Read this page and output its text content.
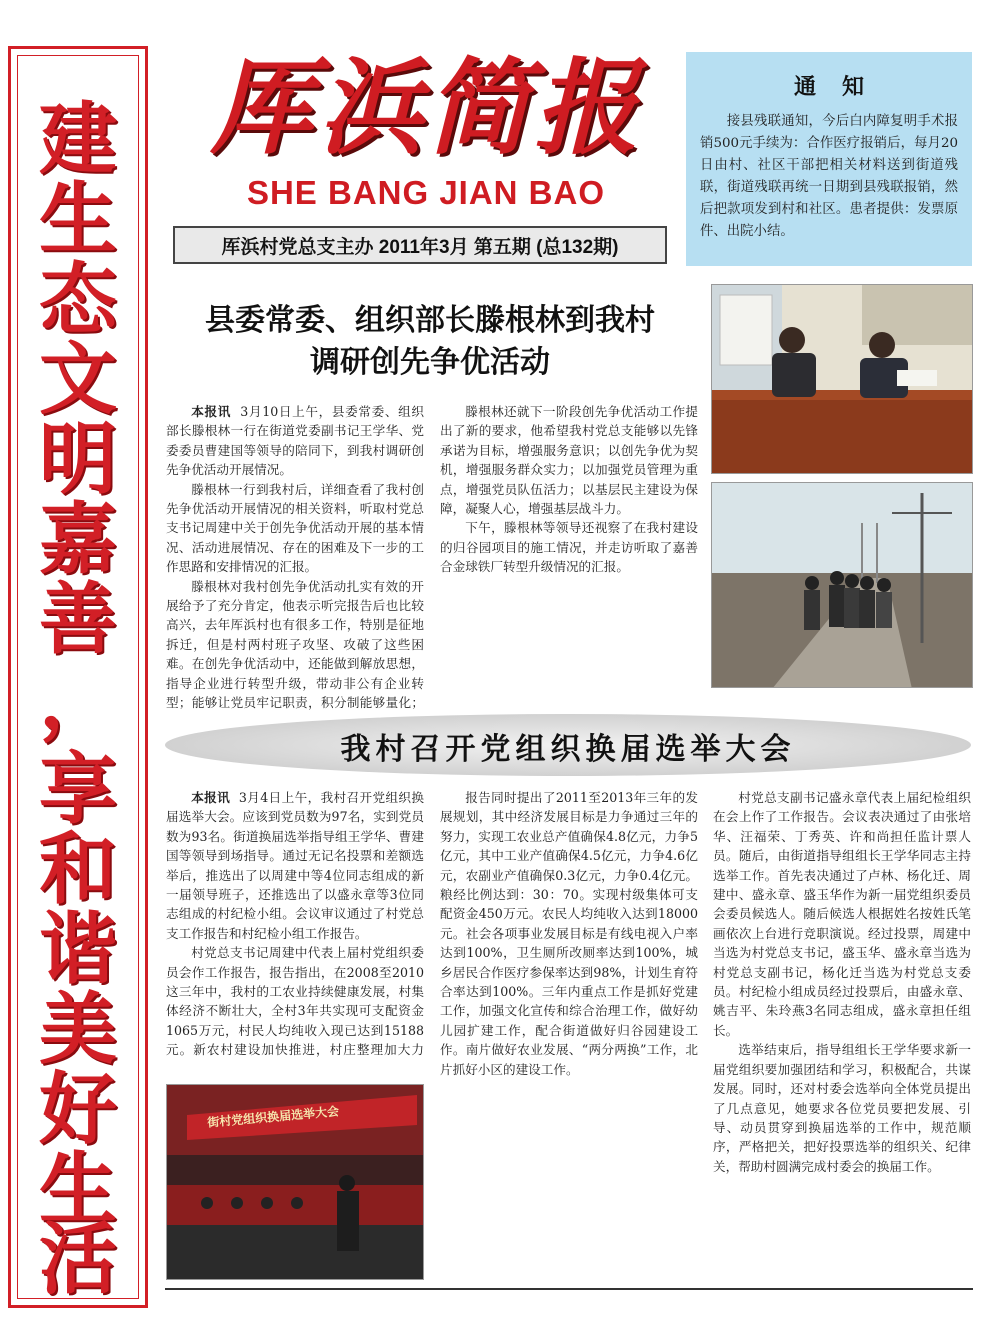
建
生
态
文
明
嘉
善
，
享
和
谐
美
好
生
活
厍浜简报
SHE BANG JIAN BAO
厍浜村党总支主办 2011年3月 第五期 (总132期)
通知
接县残联通知，今后白内障复明手术报销500元手续为：合作医疗报销后，每月20日由村、社区干部把相关材料送到街道残联，街道残联再统一日期到县残联报销，然后把款项发到村和社区。患者提供：发票原件、出院小结。
县委常委、组织部长滕根林到我村
调研创先争优活动

本报讯 3月10日上午，县委常委、组织部长滕根林一行在街道党委副书记王学华、党委委员曹建国等领导的陪同下，到我村调研创先争优活动开展情况。

滕根林一行到我村后，详细查看了我村创先争优活动开展情况的相关资料，听取村党总支书记周建中关于创先争优活动开展的基本情况、活动进展情况、存在的困难及下一步的工作思路和安排情况的汇报。

滕根林对我村创先争优活动扎实有效的开展给予了充分肯定，他表示听完报告后也比较高兴，去年厍浜村也有很多工作，特别是征地拆迁，但是村两村班子攻坚、攻破了这些困难。在创先争优活动中，还能做到解放思想，指导企业进行转型升级，带动非公有企业转型；能够让党员牢记职责，积分制能够量化；

滕根林还就下一阶段创先争优活动工作提出了新的要求，他希望我村党总支能够以先锋承诺为目标，增强服务意识；以创先争优为契机，增强服务群众实力；以加强党员管理为重点，增强党员队伍活力；以基层民主建设为保障，凝聚人心，增强基层战斗力。

下午，滕根林等领导还视察了在我村建设的归谷园项目的施工情况，并走访听取了嘉善合金球铁厂转型升级情况的汇报。

我村召开党组织换届选举大会

本报讯 3月4日上午，我村召开党组织换届选举大会。应该到党员数为97名，实到党员数为93名。街道换届选举指导组王学华、曹建国等领导到场指导。通过无记名投票和差额选举后，推选出了以周建中等4位同志组成的新一届领导班子，还推选出了以盛永章等3位同志组成的村纪检小组。会议审议通过了村党总支工作报告和村纪检小组工作报告。

村党总支书记周建中代表上届村党组织委员会作工作报告，报告指出，在2008至2010这三年中，我村的工农业持续健康发展，村集体经济不断壮大，全村3年共实现可支配资金1065万元，村民人均纯收入现已达到15188元。新农村建设加快推进，村庄整理加大力

街村党组织换届选举大会

报告同时提出了2011至2013年三年的发展规划，其中经济发展目标是力争通过三年的努力，实现工农业总产值确保4.8亿元，力争5亿元，其中工业产值确保4.5亿元，力争4.6亿元，农副业产值确保0.3亿元，力争0.4亿元。粮经比例达到：30：70。实现村级集体可支配资金450万元。农民人均纯收入达到18000元。社会各项事业发展目标是有线电视入户率达到100%，卫生厕所改厕率达到100%，城乡居民合作医疗参保率达到98%，计划生育符合率达到100%。三年内重点工作是抓好党建工作，加强文化宣传和综合治理工作，做好幼儿园扩建工作，配合街道做好归谷园建设工作。南片做好农业发展、“两分两换”工作，北片抓好小区的建设工作。

村党总支副书记盛永章代表上届纪检组织在会上作了工作报告。会议表决通过了由张培华、汪福荣、丁秀英、许和尚担任监计票人员。随后，由街道指导组组长王学华同志主持选举工作。首先表决通过了卢林、杨化迁、周建中、盛永章、盛玉华作为新一届党组织委员会委员候选人。随后候选人根据姓名按姓氏笔画依次上台进行竞职演说。经过投票，周建中当选为村党总支书记，盛玉华、盛永章当选为村党总支副书记，杨化迁当选为村党总支委员。村纪检小组成员经过投票后，由盛永章、姚吉平、朱玲燕3名同志组成，盛永章担任组长。

选举结束后，指导组组长王学华要求新一届党组织要加强团结和学习，积极配合，共谋发展。同时，还对村委会选举向全体党员提出了几点意见，她要求各位党员要把发展、引导、动员贯穿到换届选举的工作中，规范顺序，严格把关，把好投票选举的组织关、纪律关，帮助村圆满完成村委会的换届工作。
